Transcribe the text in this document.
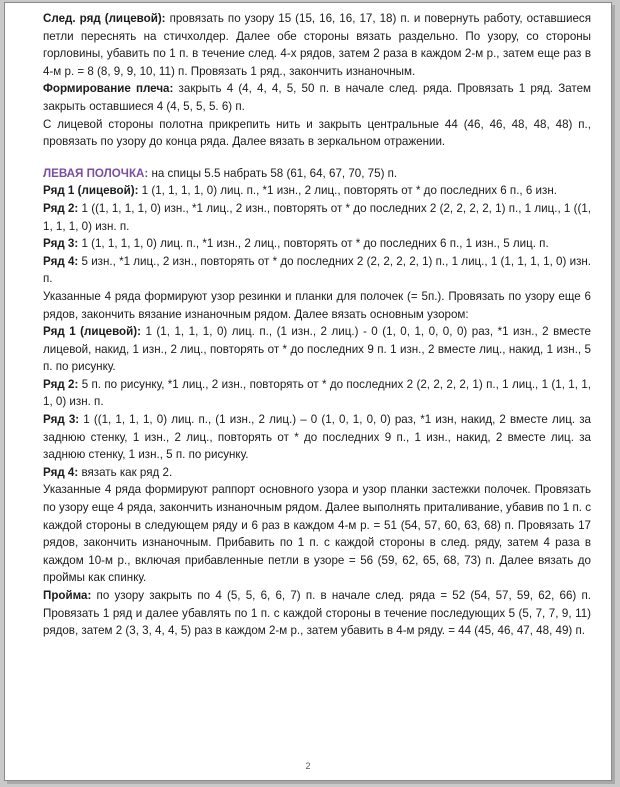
След. ряд (лицевой): провязать по узору 15 (15, 16, 16, 17, 18) п. и повернуть работу, оставшиеся петли переснять на стичхолдер. Далее обе стороны вязать раздельно. По узору, со стороны горловины, убавить по 1 п. в течение след. 4-х рядов, затем 2 раза в каждом 2-м р., затем еще раз в 4-м р. = 8 (8, 9, 9, 10, 11) п. Провязать 1 ряд., закончить изнаночным.

Формирование плеча: закрыть 4 (4, 4, 4, 5, 50 п. в начале след. ряда. Провязать 1 ряд. Затем закрыть оставшиеся 4 (4, 5, 5, 5. 6) п.

С лицевой стороны полотна прикрепить нить и закрыть центральные 44 (46, 46, 48, 48, 48) п., провязать по узору до конца ряда. Далее вязать в зеркальном отражении.

ЛЕВАЯ ПОЛОЧКА: на спицы 5.5 набрать 58 (61, 64, 67, 70, 75) п.

Ряд 1 (лицевой): 1 (1, 1, 1, 1, 0) лиц. п., *1 изн., 2 лиц., повторять от * до последних 6 п., 6 изн.

Ряд 2: 1 ((1, 1, 1, 1, 0) изн., *1 лиц., 2 изн., повторять от * до последних 2 (2, 2, 2, 2, 1) п., 1 лиц., 1 ((1, 1, 1, 1, 0) изн. п.

Ряд 3: 1 (1, 1, 1, 1, 0) лиц. п., *1 изн., 2 лиц., повторять от * до последних 6 п., 1 изн., 5 лиц. п.

Ряд 4: 5 изн., *1 лиц., 2 изн., повторять от * до последних 2 (2, 2, 2, 2, 1) п., 1 лиц., 1 (1, 1, 1, 1, 0) изн. п.

Указанные 4 ряда формируют узор резинки и планки для полочек (= 5п.). Провязать по узору еще 6 рядов, закончить вязание изнаночным рядом. Далее вязать основным узором:

Ряд 1 (лицевой): 1 (1, 1, 1, 1, 0) лиц. п., (1 изн., 2 лиц.) - 0 (1, 0, 1, 0, 0, 0) раз, *1 изн., 2 вместе лицевой, накид, 1 изн., 2 лиц., повторять от * до последних 9 п. 1 изн., 2 вместе лиц., накид, 1 изн., 5 п. по рисунку.

Ряд 2: 5 п. по рисунку, *1 лиц., 2 изн., повторять от * до последних 2 (2, 2, 2, 2, 1) п., 1 лиц., 1 (1, 1, 1, 1, 0) изн. п.

Ряд 3: 1 ((1, 1, 1, 1, 0) лиц. п., (1 изн., 2 лиц.) – 0 (1, 0, 1, 0, 0) раз, *1 изн, накид, 2 вместе лиц. за заднюю стенку, 1 изн., 2 лиц., повторять от * до последних 9 п., 1 изн., накид, 2 вместе лиц. за заднюю стенку, 1 изн., 5 п. по рисунку.

Ряд 4: вязать как ряд 2.

Указанные 4 ряда формируют раппорт основного узора и узор планки застежки полочек. Провязать по узору еще 4 ряда, закончить изнаночным рядом. Далее выполнять приталивание, убавив по 1 п. с каждой стороны в следующем ряду и 6 раз в каждом 4-м р. = 51 (54, 57, 60, 63, 68) п. Провязать 17 рядов, закончить изнаночным. Прибавить по 1 п. с каждой стороны в след. ряду, затем 4 раза в каждом 10-м р., включая прибавленные петли в узоре = 56 (59, 62, 65, 68, 73) п. Далее вязать до проймы как спинку.

Пройма: по узору закрыть по 4 (5, 5, 6, 6, 7) п. в начале след. ряда = 52 (54, 57, 59, 62, 66) п. Провязать 1 ряд и далее убавлять по 1 п. с каждой стороны в течение последующих 5 (5, 7, 7, 9, 11) рядов, затем 2 (3, 3, 4, 4, 5) раз в каждом 2-м р., затем убавить в 4-м ряду. = 44 (45, 46, 47, 48, 49) п.

2
